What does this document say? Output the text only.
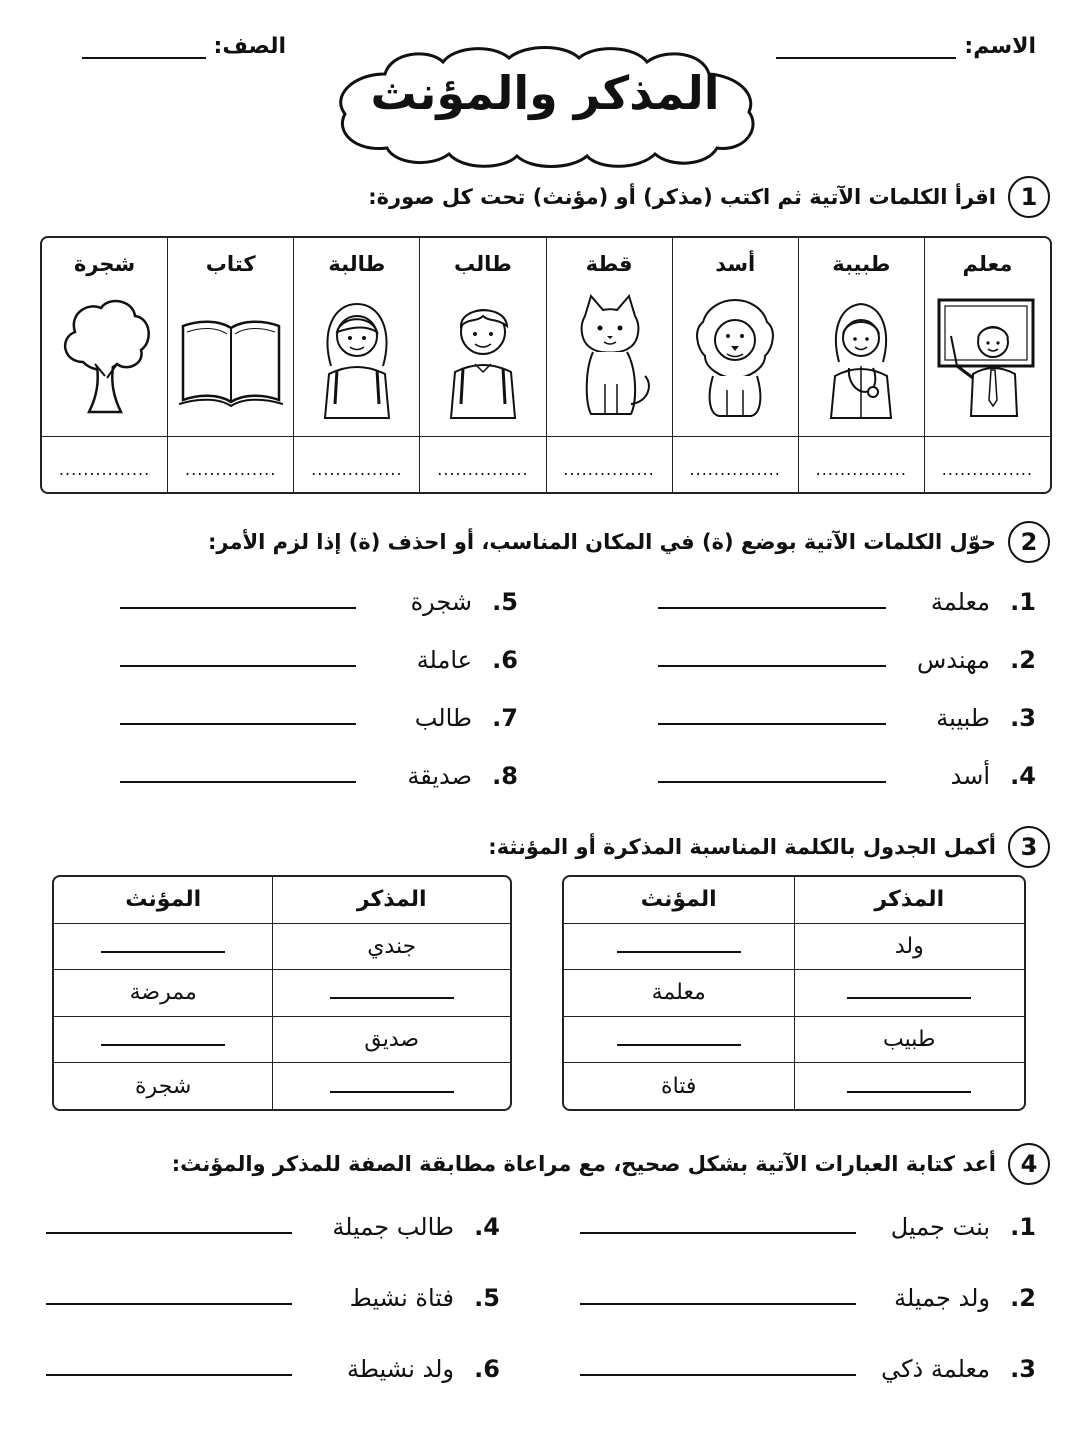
الاسم:
الصف:
المذكر والمؤنث
1
اقرأ الكلمات الآتية ثم اكتب (مذكر) أو (مؤنث) تحت كل صورة:
معلم
...............
طبيبة
...............
أسد
...............
قطة
...............
طالب
...............
طالبة
...............
كتاب
...............
شجرة
...............
2
حوّل الكلمات الآتية بوضع (ة) في المكان المناسب، أو احذف (ة) إذا لزم الأمر:
1.
معلمة
2.
مهندس
3.
طبيبة
4.
أسد
5.
شجرة
6.
عاملة
7.
طالب
8.
صديقة
3
أكمل الجدول بالكلمة المناسبة المذكرة أو المؤنثة:
المذكر	المؤنث
ولد	
	معلمة
طبيب	
	فتاة
المذكر	المؤنث
جندي	
	ممرضة
صديق	
	شجرة
4
أعد كتابة العبارات الآتية بشكل صحيح، مع مراعاة مطابقة الصفة للمذكر والمؤنث:
1.
بنت جميل
2.
ولد جميلة
3.
معلمة ذكي
4.
طالب جميلة
5.
فتاة نشيط
6.
ولد نشيطة
